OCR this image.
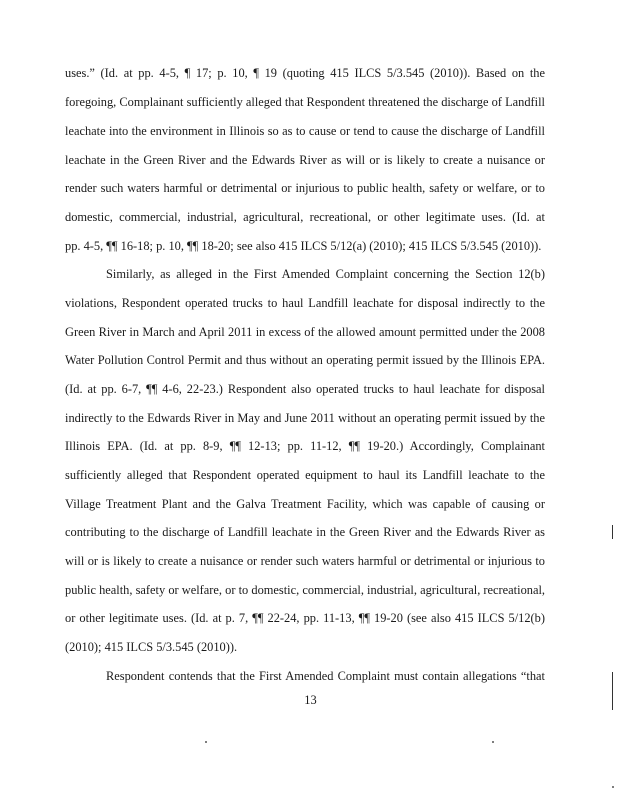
uses.” (Id. at pp. 4-5, ¶ 17; p. 10, ¶ 19 (quoting 415 ILCS 5/3.545 (2010)). Based on the
foregoing, Complainant sufficiently alleged that Respondent threatened the discharge of Landfill
leachate into the environment in Illinois so as to cause or tend to cause the discharge of Landfill
leachate in the Green River and the Edwards River as will or is likely to create a nuisance or
render such waters harmful or detrimental or injurious to public health, safety or welfare, or to
domestic, commercial, industrial, agricultural, recreational, or other legitimate uses. (Id. at
pp. 4-5, ¶¶ 16-18; p. 10, ¶¶ 18-20; see also 415 ILCS 5/12(a) (2010); 415 ILCS 5/3.545 (2010)).
Similarly, as alleged in the First Amended Complaint concerning the Section 12(b)
violations, Respondent operated trucks to haul Landfill leachate for disposal indirectly to the
Green River in March and April 2011 in excess of the allowed amount permitted under the 2008
Water Pollution Control Permit and thus without an operating permit issued by the Illinois EPA.
(Id. at pp. 6-7, ¶¶ 4-6, 22-23.) Respondent also operated trucks to haul leachate for disposal
indirectly to the Edwards River in May and June 2011 without an operating permit issued by the
Illinois EPA. (Id. at pp. 8-9, ¶¶ 12-13; pp. 11-12, ¶¶ 19-20.) Accordingly, Complainant
sufficiently alleged that Respondent operated equipment to haul its Landfill leachate to the
Village Treatment Plant and the Galva Treatment Facility, which was capable of causing or
contributing to the discharge of Landfill leachate in the Green River and the Edwards River as
will or is likely to create a nuisance or render such waters harmful or detrimental or injurious to
public health, safety or welfare, or to domestic, commercial, industrial, agricultural, recreational,
or other legitimate uses. (Id. at p. 7, ¶¶ 22-24, pp. 11-13, ¶¶ 19-20 (see also 415 ILCS 5/12(b)
(2010); 415 ILCS 5/3.545 (2010)).
Respondent contends that the First Amended Complaint must contain allegations “that
13
